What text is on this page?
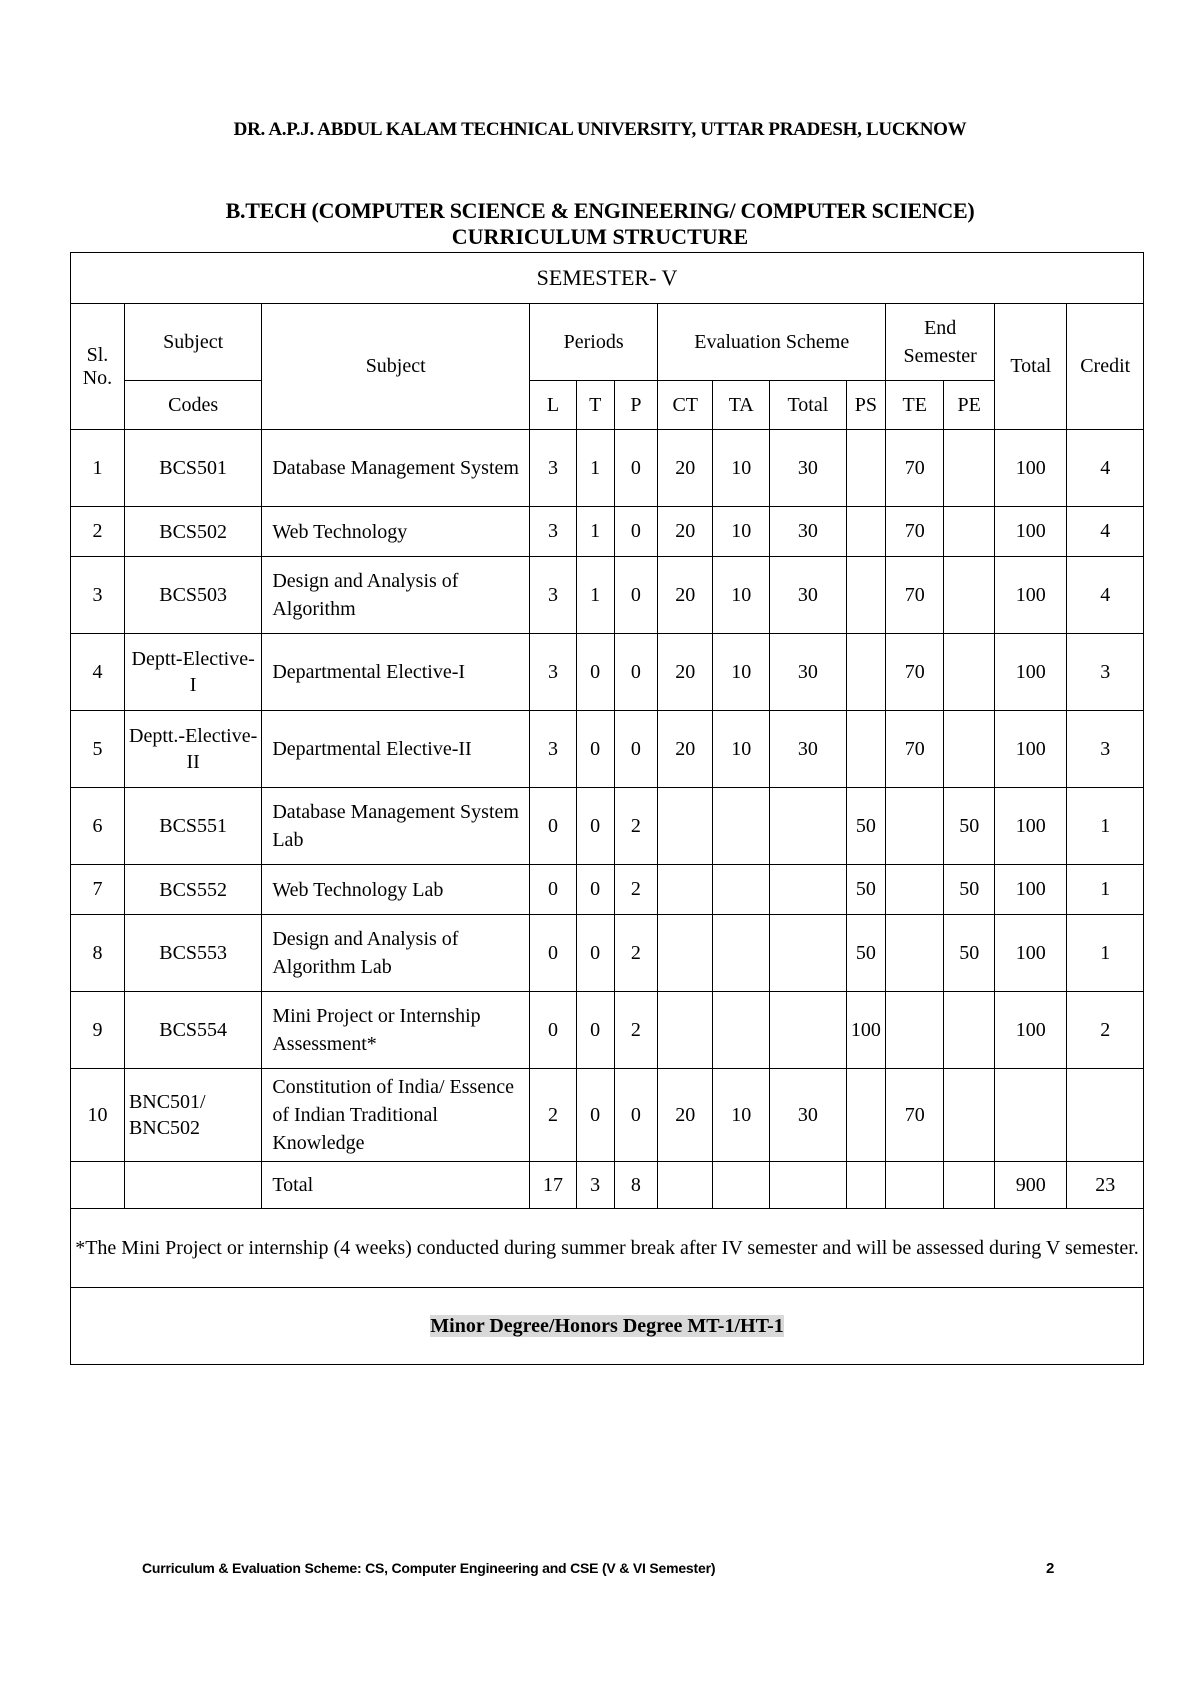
DR. A.P.J. ABDUL KALAM TECHNICAL UNIVERSITY, UTTAR PRADESH, LUCKNOW
B.TECH (COMPUTER SCIENCE & ENGINEERING/ COMPUTER SCIENCE)
CURRICULUM STRUCTURE
SEMESTER- V													
Sl. No.	Subject	Subject	Periods			Evaluation Scheme				End Semester		Total	Credit
	Codes		L	T	P	CT	TA	Total	PS	TE	PE		
1	BCS501	Database Management System	3	1	0	20	10	30		70		100	4
2	BCS502	Web Technology	3	1	0	20	10	30		70		100	4
3	BCS503	Design and Analysis of Algorithm	3	1	0	20	10	30		70		100	4
4	Deptt-Elective-I	Departmental Elective-I	3	0	0	20	10	30		70		100	3
5	Deptt.-Elective-II	Departmental Elective-II	3	0	0	20	10	30		70		100	3
6	BCS551	Database Management System Lab	0	0	2				50		50	100	1
7	BCS552	Web Technology Lab	0	0	2				50		50	100	1
8	BCS553	Design and Analysis of Algorithm Lab	0	0	2				50		50	100	1
9	BCS554	Mini Project or Internship Assessment*	0	0	2				100			100	2
10	BNC501/ BNC502	Constitution of India/ Essence of Indian Traditional Knowledge	2	0	0	20	10	30		70			
		Total	17	3	8							900	23
*The Mini Project or internship (4 weeks) conducted during summer break after IV semester and will be assessed during V semester.													
Minor Degree/Honors Degree MT-1/HT-1													
Curriculum & Evaluation Scheme: CS, Computer Engineering and CSE (V & VI Semester)	2
